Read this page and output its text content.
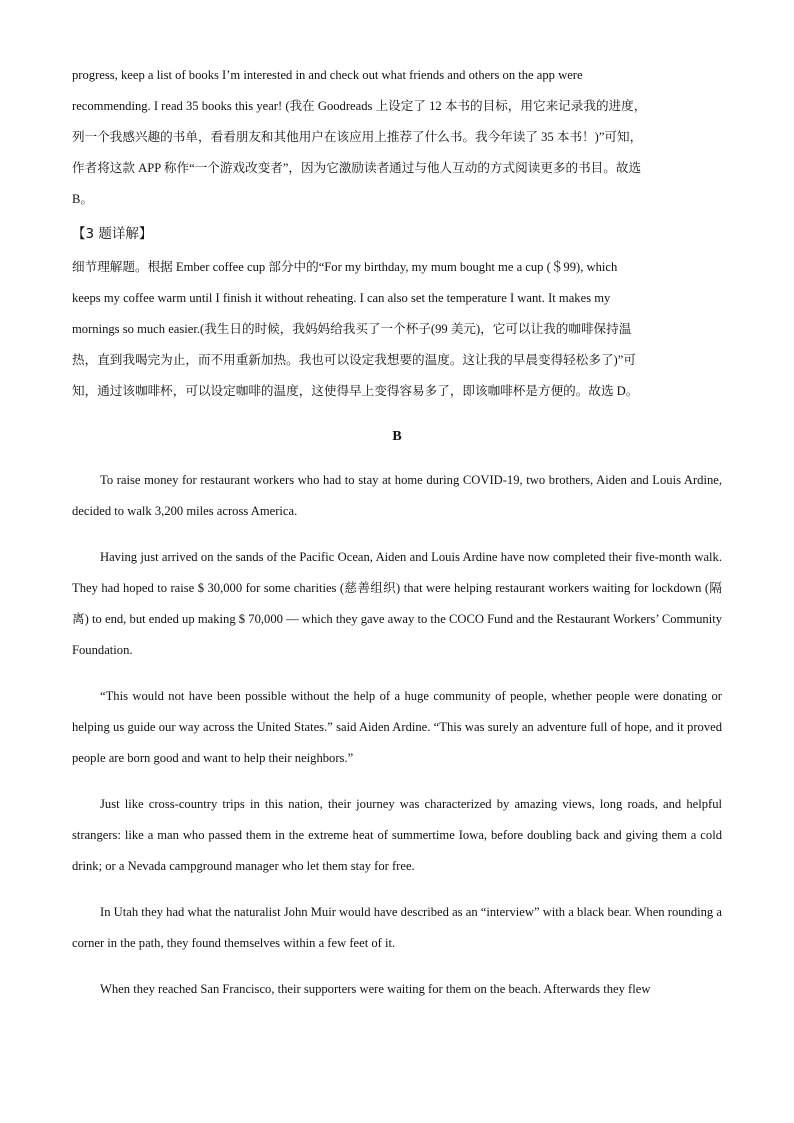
progress, keep a list of books I’m interested in and check out what friends and others on the app were
recommending. I read 35 books this year! (我在 Goodreads 上设定了 12 本书的目标，用它来记录我的进度，
列一个我感兴趣的书单，看看朋友和其他用户在该应用上推荐了什么书。我今年读了 35 本书！)”可知，
作者将这款 APP 称作“一个游戏改变者”，因为它激励读者通过与他人互动的方式阅读更多的书目。故选
B。
【3 题详解】
细节理解题。根据 Ember coffee cup 部分中的“For my birthday, my mum bought me a cup (＄99), which
keeps my coffee warm until I finish it without reheating. I can also set the temperature I want. It makes my
mornings so much easier.(我生日的时候，我妈妈给我买了一个杯子(99 美元)，它可以让我的咖啡保持温
热，直到我喝完为止，而不用重新加热。我也可以设定我想要的温度。这让我的早晨变得轻松多了)”可
知，通过该咖啡杯，可以设定咖啡的温度，这使得早上变得容易多了，即该咖啡杯是方便的。故选 D。
B

To raise money for restaurant workers who had to stay at home during COVID-19, two brothers, Aiden and Louis Ardine, decided to walk 3,200 miles across America.

Having just arrived on the sands of the Pacific Ocean, Aiden and Louis Ardine have now completed their five-month walk. They had hoped to raise $ 30,000 for some charities (慈善组织) that were helping restaurant workers waiting for lockdown (隔离) to end, but ended up making $ 70,000 — which they gave away to the COCO Fund and the Restaurant Workers’ Community Foundation.

“This would not have been possible without the help of a huge community of people, whether people were donating or helping us guide our way across the United States.” said Aiden Ardine. “This was surely an adventure full of hope, and it proved people are born good and want to help their neighbors.”

Just like cross-country trips in this nation, their journey was characterized by amazing views, long roads, and helpful strangers: like a man who passed them in the extreme heat of summertime Iowa, before doubling back and giving them a cold drink; or a Nevada campground manager who let them stay for free.

In Utah they had what the naturalist John Muir would have described as an “interview” with a black bear. When rounding a corner in the path, they found themselves within a few feet of it.

When they reached San Francisco, their supporters were waiting for them on the beach. Afterwards they flew
